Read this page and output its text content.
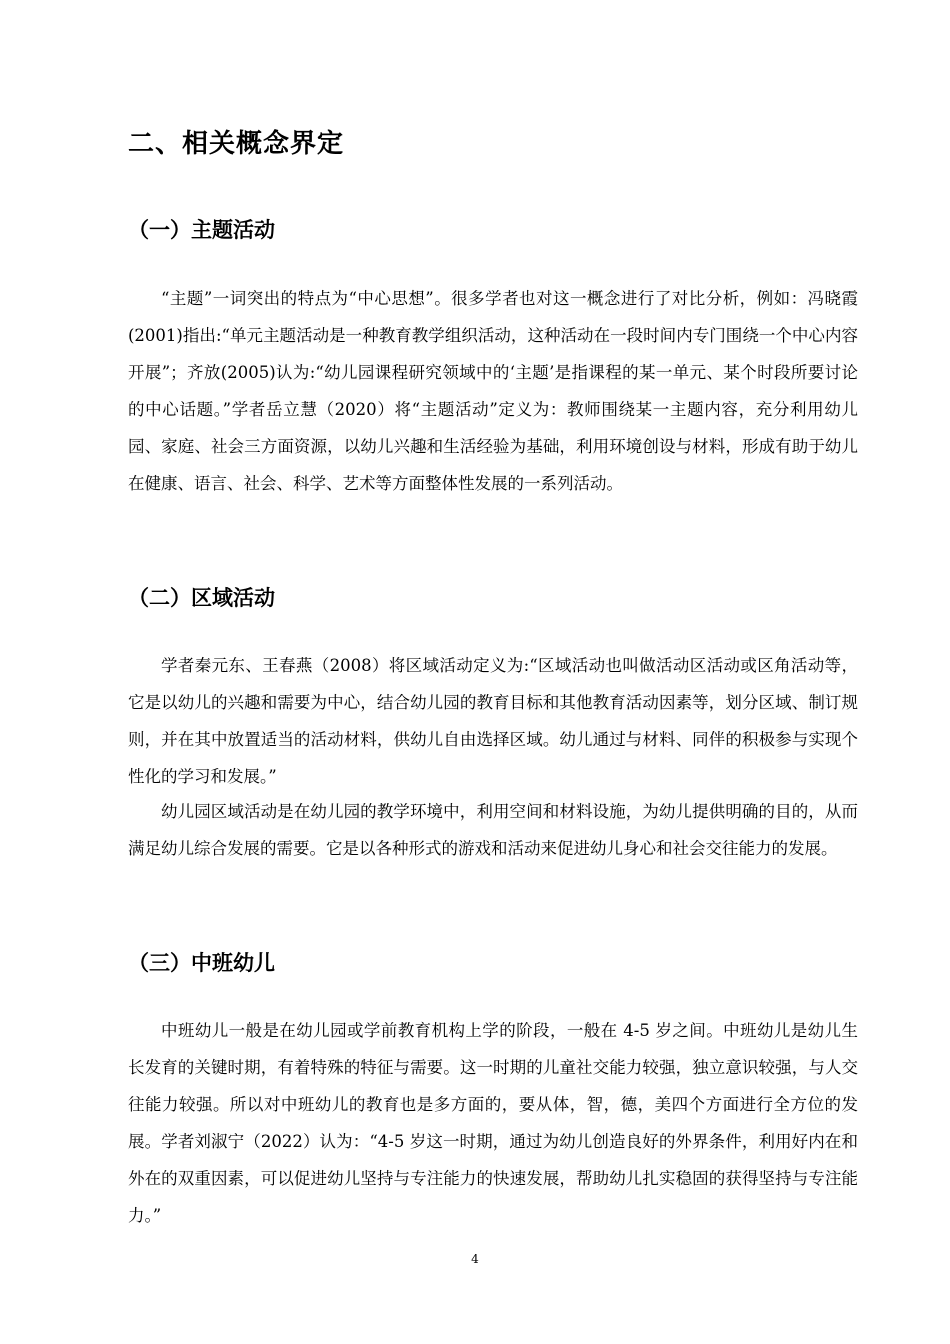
二、相关概念界定
（一）主题活动

“主题”一词突出的特点为“中心思想”。很多学者也对这一概念进行了对比分析，例如：冯晓霞(2001)指出:“单元主题活动是一种教育教学组织活动，这种活动在一段时间内专门围绕一个中心内容开展”；齐放(2005)认为:“幼儿园课程研究领域中的‘主题’是指课程的某一单元、某个时段所要讨论的中心话题。”学者岳立慧（2020）将“主题活动”定义为：教师围绕某一主题内容，充分利用幼儿园、家庭、社会三方面资源，以幼儿兴趣和生活经验为基础，利用环境创设与材料，形成有助于幼儿在健康、语言、社会、科学、艺术等方面整体性发展的一系列活动。

（二）区域活动

学者秦元东、王春燕（2008）将区域活动定义为:“区域活动也叫做活动区活动或区角活动等，它是以幼儿的兴趣和需要为中心，结合幼儿园的教育目标和其他教育活动因素等，划分区域、制订规则，并在其中放置适当的活动材料，供幼儿自由选择区域。幼儿通过与材料、同伴的积极参与实现个性化的学习和发展。”

幼儿园区域活动是在幼儿园的教学环境中，利用空间和材料设施，为幼儿提供明确的目的，从而满足幼儿综合发展的需要。它是以各种形式的游戏和活动来促进幼儿身心和社会交往能力的发展。

（三）中班幼儿

中班幼儿一般是在幼儿园或学前教育机构上学的阶段，一般在 4-5 岁之间。中班幼儿是幼儿生长发育的关键时期，有着特殊的特征与需要。这一时期的儿童社交能力较强，独立意识较强，与人交往能力较强。所以对中班幼儿的教育也是多方面的，要从体，智，德，美四个方面进行全方位的发展。学者刘淑宁（2022）认为：“4-5 岁这一时期，通过为幼儿创造良好的外界条件，利用好内在和外在的双重因素，可以促进幼儿坚持与专注能力的快速发展，帮助幼儿扎实稳固的获得坚持与专注能力。”

4
